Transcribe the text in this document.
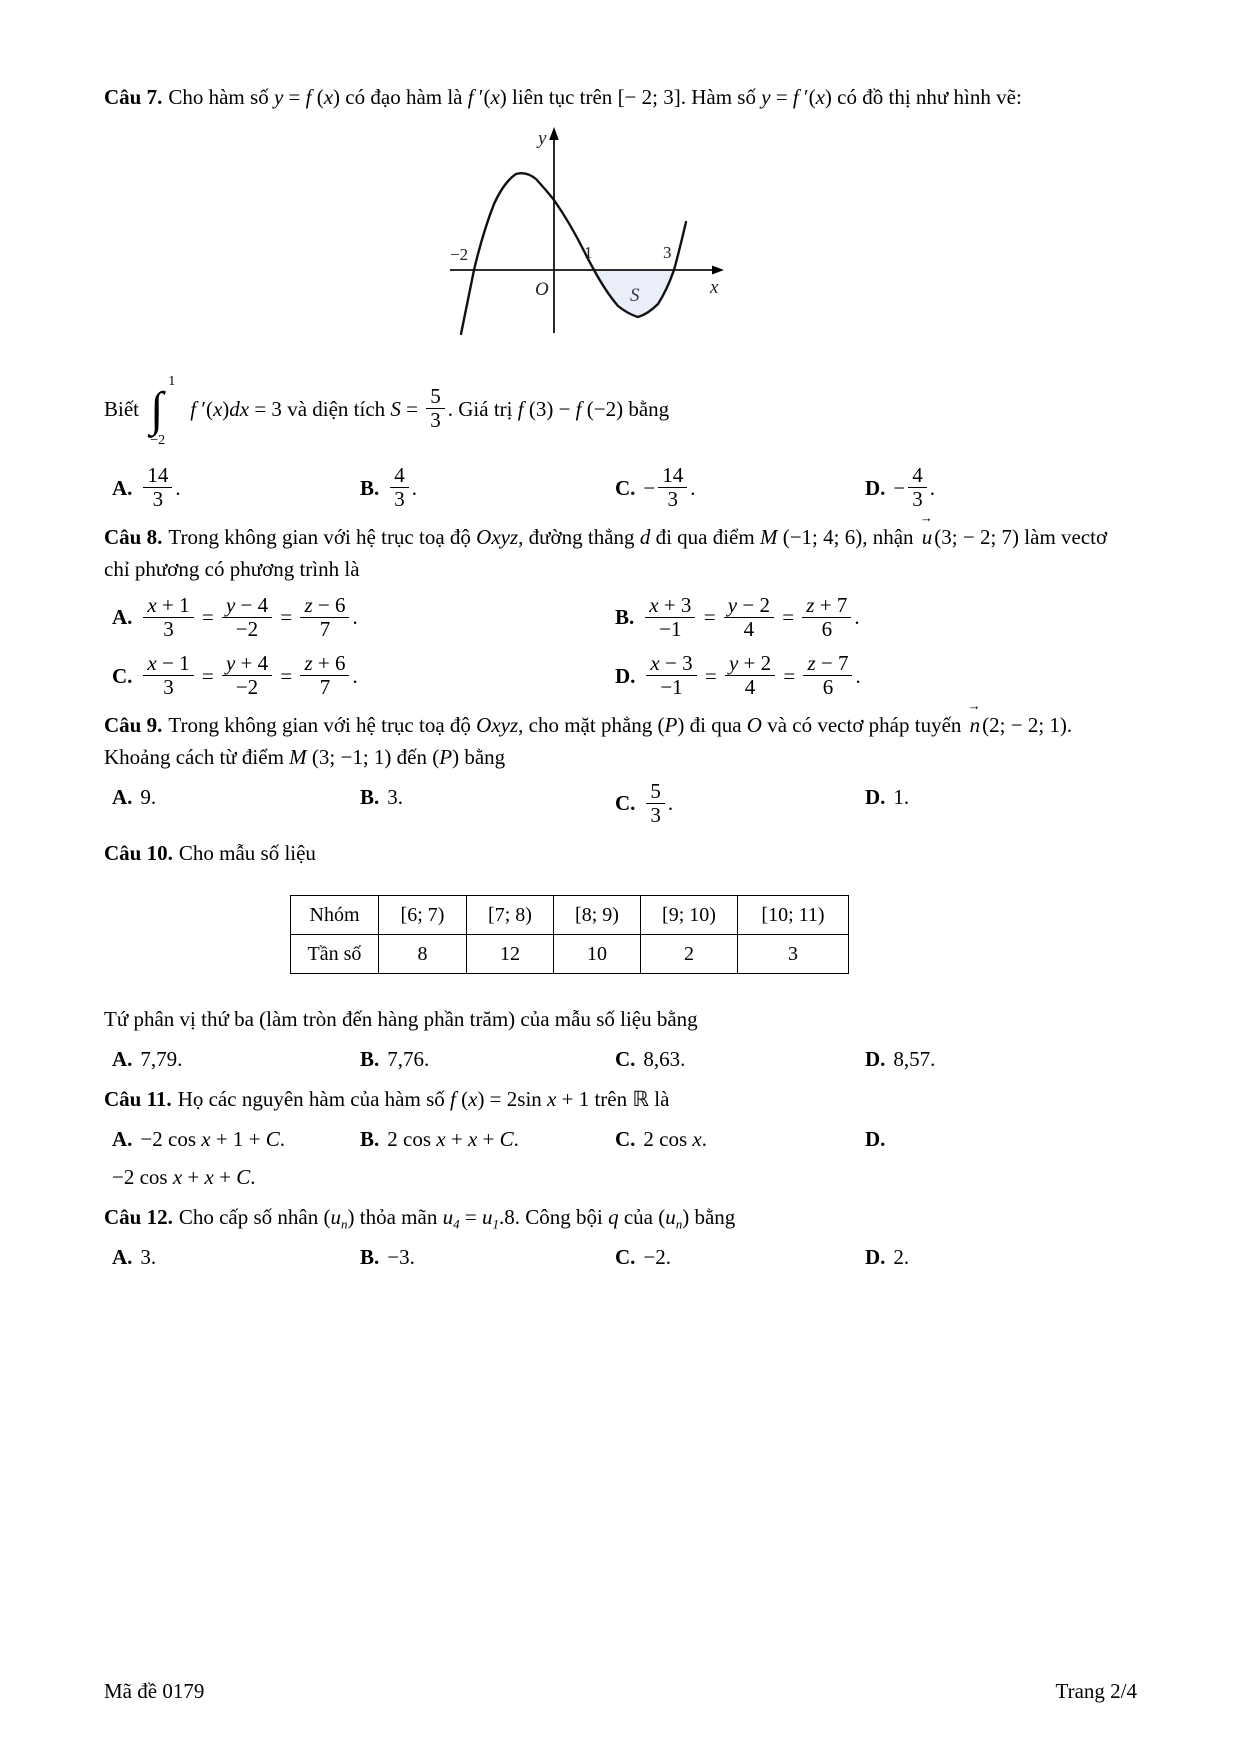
Câu 7. Cho hàm số y = f (x) có đạo hàm là f ′(x) liên tục trên [− 2; 3]. Hàm số y = f ′(x) có đồ thị như hình vẽ:

y
x
O
−2	1	3
S

Biết ∫
1
−2
f ′(x)dx = 3 và diện tích $S = \frac{5}{3}$ . Giá trị f (3) − f (−2) bằng

A. $\frac{14}{3}$ .	B. $\frac{4}{3}$ .	C. − $\frac{14}{3}$ .	D. − $\frac{4}{3}$ .

Câu 8. Trong không gian với hệ trục toạ độ Oxyz, đường thẳng d đi qua điểm M (−1; 4; 6), nhận
→
u(3; − 2; 7) làm vectơ chỉ phương có phương trình là

A. $\frac{x + 1}{3} = \frac{y - 4}{-2} = \frac{z - 6}{7}$ .	B. $\frac{x + 3}{-1} = \frac{y - 2}{4} = \frac{z + 7}{6}$ .
C. $\frac{x - 1}{3} = \frac{y + 4}{-2} = \frac{z + 6}{7}$ .	D. $\frac{x - 3}{-1} = \frac{y + 2}{4} = \frac{z - 7}{6}$ .

Câu 9. Trong không gian với hệ trục toạ độ Oxyz, cho mặt phẳng (P) đi qua O và có vectơ pháp tuyến
→
n(2; − 2; 1). Khoảng cách từ điểm M (3; −1; 1) đến (P) bằng

A. 9.	B. 3.	C. $\frac{5}{3}$ .	D. 1.

Câu 10. Cho mẫu số liệu

Nhóm	[6; 7)	[7; 8)	[8; 9)	[9; 10)	[10; 11)
Tần số	8	12	10	2	3

Tứ phân vị thứ ba (làm tròn đến hàng phần trăm) của mẫu số liệu bằng

A. 7,79.	B. 7,76.	C. 8,63.	D. 8,57.

Câu 11. Họ các nguyên hàm của hàm số f (x) = 2sin x + 1 trên ℝ là

A. −2 cos x + 1 + C.	B. 2 cos x + x + C.	C. 2 cos x.	D.

−2 cos x + x + C.

Câu 12. Cho cấp số nhân $(u_n)$ thỏa mãn $u_4 = u_1.8$. Công bội q của $(u_n)$ bằng

A. 3.	B. −3.	C. −2.	D. 2.
Mã đề 0179	Trang 2/4
